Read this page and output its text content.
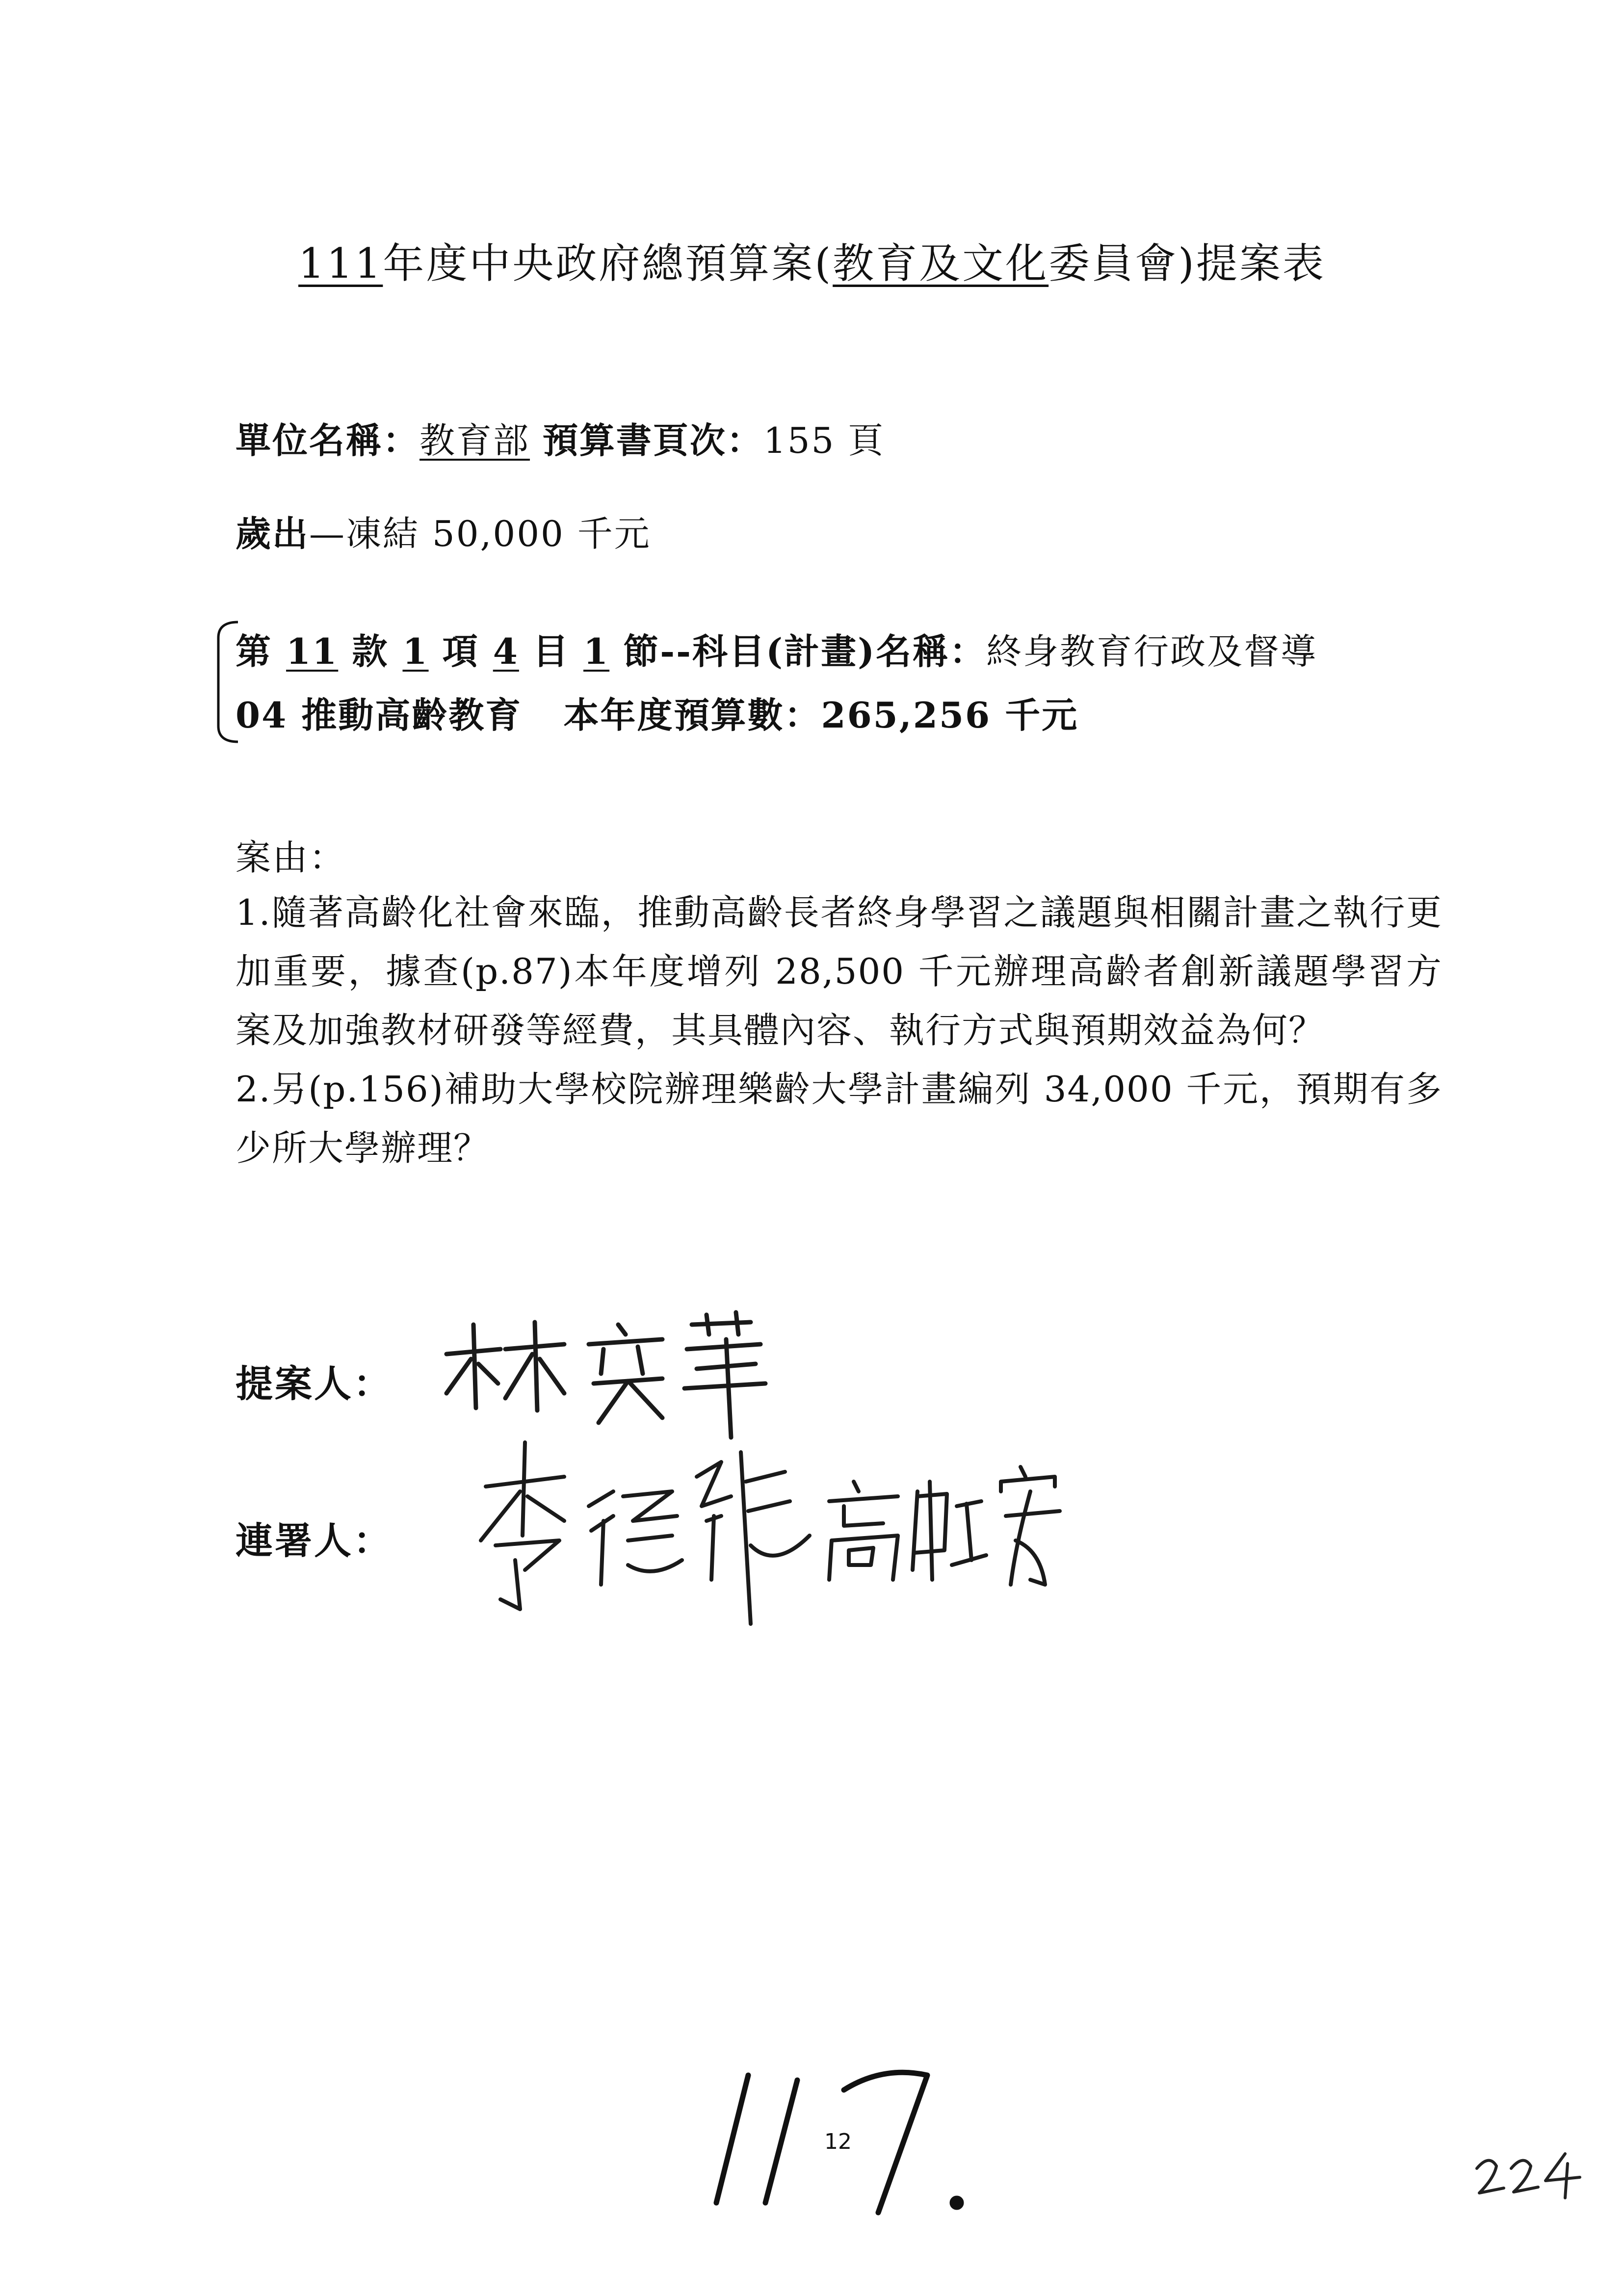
111年度中央政府總預算案(教育及文化委員會)提案表
單位名稱：教育部 預算書頁次：155 頁
歲出—凍結 50,000 千元
第 11 款 1 項 4 目 1 節--科目(計畫)名稱：終身教育行政及督導
04 推動高齡教育 本年度預算數：265,256 千元
案由：

1.隨著高齡化社會來臨，推動高齡長者終身學習之議題與相關計畫之執行更加重要，據查(p.87)本年度增列 28,500 千元辦理高齡者創新議題學習方案及加強教材研發等經費，其具體內容、執行方式與預期效益為何？

2.另(p.156)補助大學校院辦理樂齡大學計畫編列 34,000 千元，預期有多少所大學辦理？

提案人：
連署人：
12
